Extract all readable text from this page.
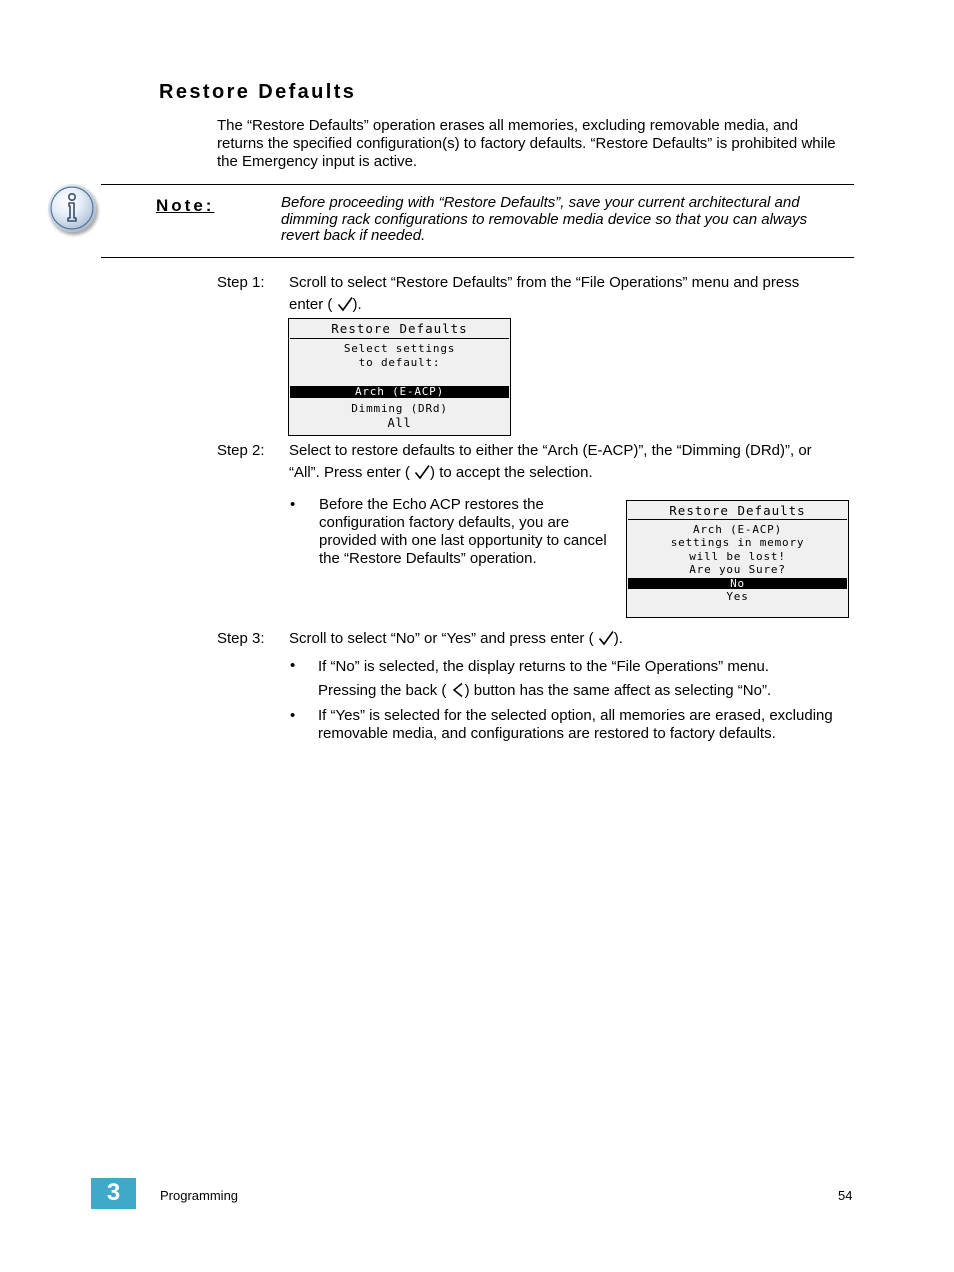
Restore Defaults
The “Restore Defaults” operation erases all memories, excluding removable media, and returns the specified configuration(s) to factory defaults. “Restore Defaults” is prohibited while the Emergency input is active.
Note:	Before proceeding with “Restore Defaults”, save your current architectural and dimming rack configurations to removable media device so that you can always revert back if needed.
Step 1: Scroll to select “Restore Defaults” from the “File Operations” menu and press
enter ( ).
Restore Defaults
Select settings
to default:
Arch (E-ACP)
Dimming (DRd)
All
Step 2: Select to restore defaults to either the “Arch (E-ACP)”, the “Dimming (DRd)”, or
“All”. Press enter ( ) to accept the selection.
• Before the Echo ACP restores the configuration factory defaults, you are provided with one last opportunity to cancel the “Restore Defaults” operation.
Restore Defaults
Arch (E-ACP)
settings in memory
will be lost!
Are you Sure?
No
Yes
Step 3: Scroll to select “No” or “Yes” and press enter ( ).
• If “No” is selected, the display returns to the “File Operations” menu.
Pressing the back ( ) button has the same affect as selecting “No”.
• If “Yes” is selected for the selected option, all memories are erased, excluding removable media, and configurations are restored to factory defaults.
3	Programming	54
